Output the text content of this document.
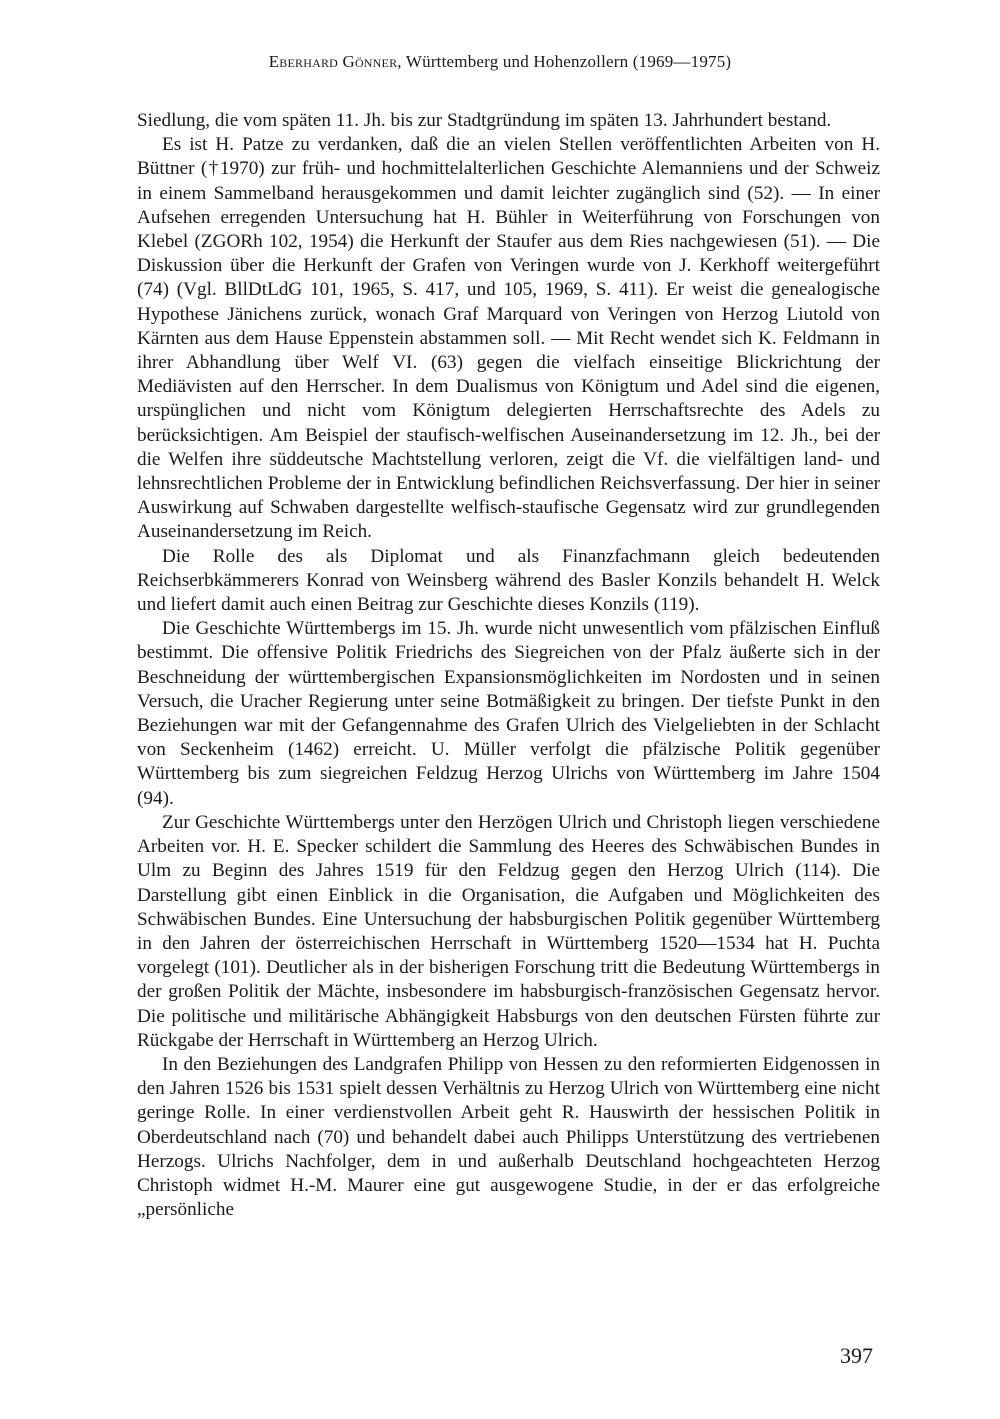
Eberhard Gönner, Württemberg und Hohenzollern (1969—1975)

Siedlung, die vom späten 11. Jh. bis zur Stadtgründung im späten 13. Jahrhundert bestand.

Es ist H. Patze zu verdanken, daß die an vielen Stellen veröffentlichten Arbeiten von H. Büttner (†1970) zur früh- und hochmittelalterlichen Geschichte Alemanniens und der Schweiz in einem Sammelband herausgekommen und damit leichter zugänglich sind (52). — In einer Aufsehen erregenden Untersuchung hat H. Bühler in Weiterführung von Forschungen von Klebel (ZGORh 102, 1954) die Herkunft der Staufer aus dem Ries nachgewiesen (51). — Die Diskussion über die Herkunft der Grafen von Veringen wurde von J. Kerkhoff weitergeführt (74) (Vgl. BllDtLdG 101, 1965, S. 417, und 105, 1969, S. 411). Er weist die genealogische Hypothese Jänichens zurück, wonach Graf Marquard von Veringen von Herzog Liutold von Kärnten aus dem Hause Eppenstein abstammen soll. — Mit Recht wendet sich K. Feldmann in ihrer Abhandlung über Welf VI. (63) gegen die vielfach einseitige Blickrichtung der Mediävisten auf den Herrscher. In dem Dualismus von Königtum und Adel sind die eigenen, urspünglichen und nicht vom Königtum delegierten Herrschaftsrechte des Adels zu berücksichtigen. Am Beispiel der staufisch-welfischen Auseinandersetzung im 12. Jh., bei der die Welfen ihre süddeutsche Machtstellung verloren, zeigt die Vf. die vielfältigen land- und lehnsrechtlichen Probleme der in Entwicklung befindlichen Reichsverfassung. Der hier in seiner Auswirkung auf Schwaben dargestellte welfisch-staufische Gegensatz wird zur grundlegenden Auseinandersetzung im Reich.

Die Rolle des als Diplomat und als Finanzfachmann gleich bedeutenden Reichserbkämmerers Konrad von Weinsberg während des Basler Konzils behandelt H. Welck und liefert damit auch einen Beitrag zur Geschichte dieses Konzils (119).

Die Geschichte Württembergs im 15. Jh. wurde nicht unwesentlich vom pfälzischen Einfluß bestimmt. Die offensive Politik Friedrichs des Siegreichen von der Pfalz äußerte sich in der Beschneidung der württembergischen Expansionsmöglichkeiten im Nordosten und in seinen Versuch, die Uracher Regierung unter seine Botmäßigkeit zu bringen. Der tiefste Punkt in den Beziehungen war mit der Gefangennahme des Grafen Ulrich des Vielgeliebten in der Schlacht von Seckenheim (1462) erreicht. U. Müller verfolgt die pfälzische Politik gegenüber Württemberg bis zum siegreichen Feldzug Herzog Ulrichs von Württemberg im Jahre 1504 (94).

Zur Geschichte Württembergs unter den Herzögen Ulrich und Christoph liegen verschiedene Arbeiten vor. H. E. Specker schildert die Sammlung des Heeres des Schwäbischen Bundes in Ulm zu Beginn des Jahres 1519 für den Feldzug gegen den Herzog Ulrich (114). Die Darstellung gibt einen Einblick in die Organisation, die Aufgaben und Möglichkeiten des Schwäbischen Bundes. Eine Untersuchung der habsburgischen Politik gegenüber Württemberg in den Jahren der österreichischen Herrschaft in Württemberg 1520—1534 hat H. Puchta vorgelegt (101). Deutlicher als in der bisherigen Forschung tritt die Bedeutung Württembergs in der großen Politik der Mächte, insbesondere im habsburgisch-französischen Gegensatz hervor. Die politische und militärische Abhängigkeit Habsburgs von den deutschen Fürsten führte zur Rückgabe der Herrschaft in Württemberg an Herzog Ulrich.

In den Beziehungen des Landgrafen Philipp von Hessen zu den reformierten Eidgenossen in den Jahren 1526 bis 1531 spielt dessen Verhältnis zu Herzog Ulrich von Württemberg eine nicht geringe Rolle. In einer verdienstvollen Arbeit geht R. Hauswirth der hessischen Politik in Oberdeutschland nach (70) und behandelt dabei auch Philipps Unterstützung des vertriebenen Herzogs. Ulrichs Nachfolger, dem in und außerhalb Deutschland hochgeachteten Herzog Christoph widmet H.-M. Maurer eine gut ausgewogene Studie, in der er das erfolgreiche „persönliche

397
